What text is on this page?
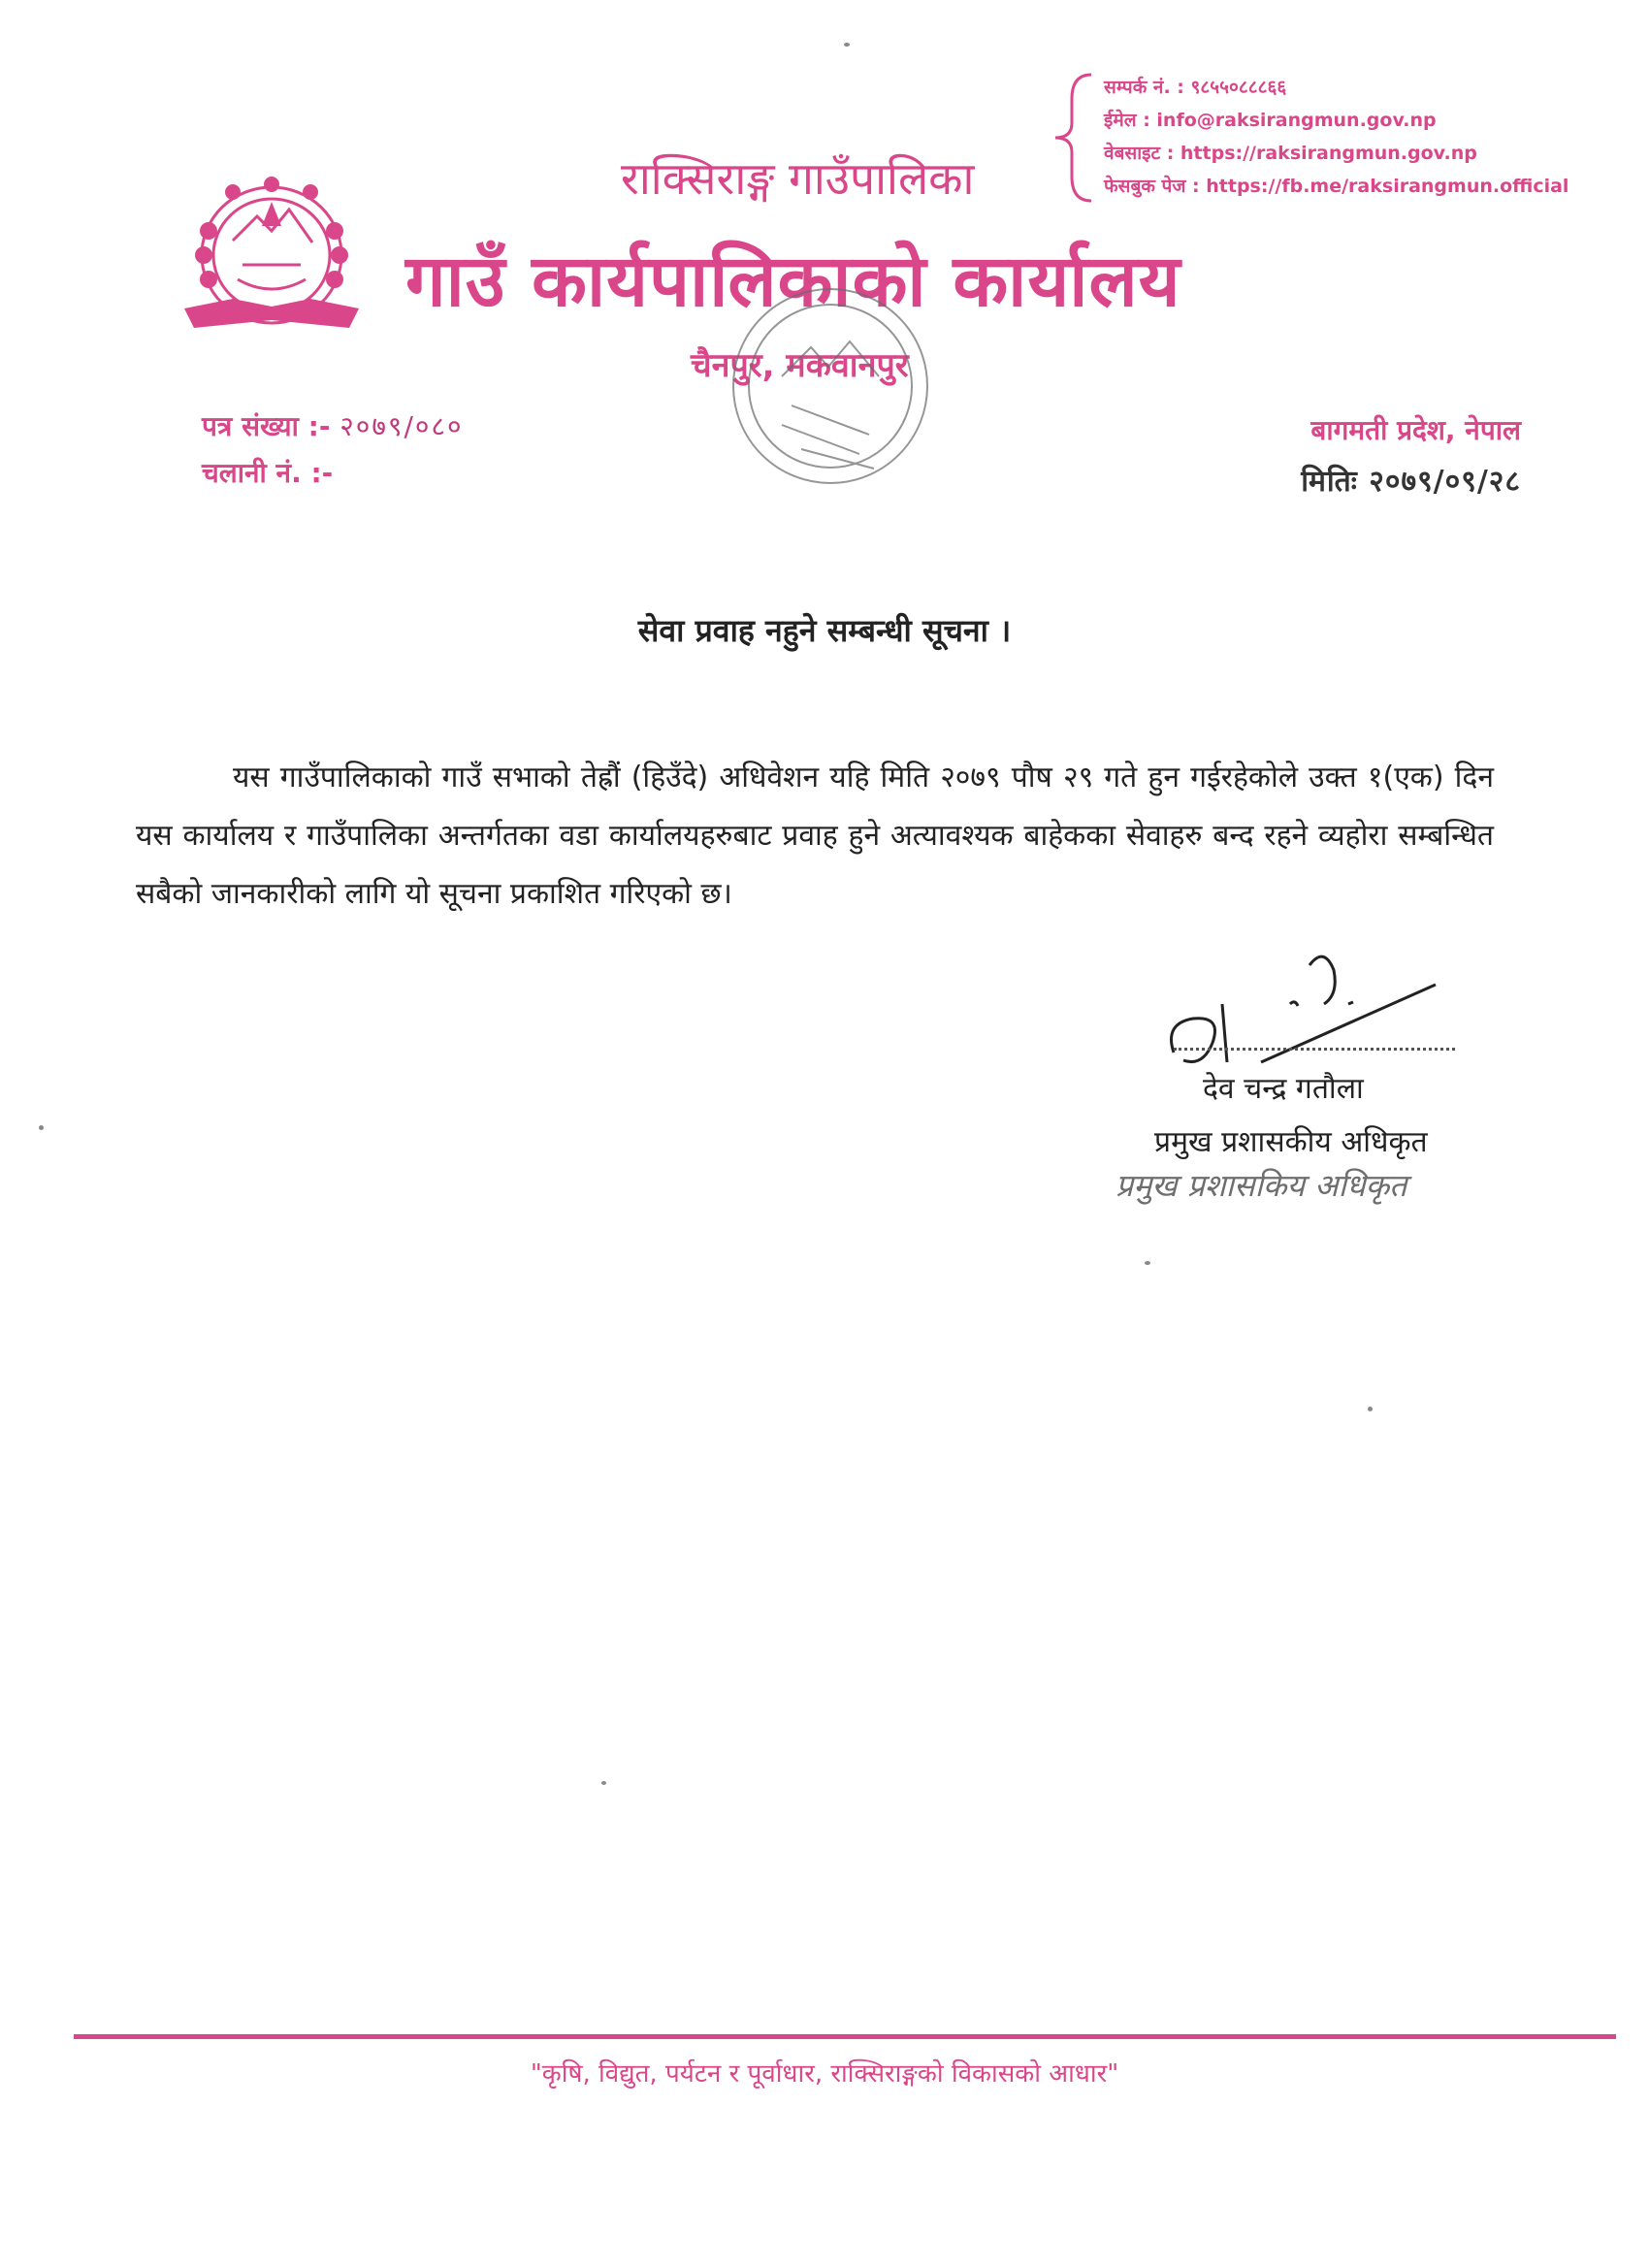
सम्पर्क नं. : ९८५५०८८८६६
ईमेल : info@raksirangmun.gov.np
वेबसाइट : https://raksirangmun.gov.np
फेसबुक पेज : https://fb.me/raksirangmun.official
राक्सिराङ्ग गाउँपालिका
गाउँ कार्यपालिकाको कार्यालय
चैनपुर, मकवानपुर
पत्र संख्या :- २०७९/०८०
चलानी नं. :-
बागमती प्रदेश, नेपाल
मितिः २०७९/०९/२८
सेवा प्रवाह नहुने सम्बन्धी सूचना ।
यस गाउँपालिकाको गाउँ सभाको तेह्रौं (हिउँदे) अधिवेशन यहि मिति २०७९ पौष २९ गते हुन गईरहेकोले उक्त १(एक) दिन यस कार्यालय र गाउँपालिका अन्तर्गतका वडा कार्यालयहरुबाट प्रवाह हुने अत्यावश्यक बाहेकका सेवाहरु बन्द रहने व्यहोरा सम्बन्धित सबैको जानकारीको लागि यो सूचना प्रकाशित गरिएको छ।
देव चन्द्र गतौला
प्रमुख प्रशासकीय अधिकृत
प्रमुख प्रशासकिय अधिकृत
"कृषि, विद्युत, पर्यटन र पूर्वाधार, राक्सिराङ्गको विकासको आधार"
